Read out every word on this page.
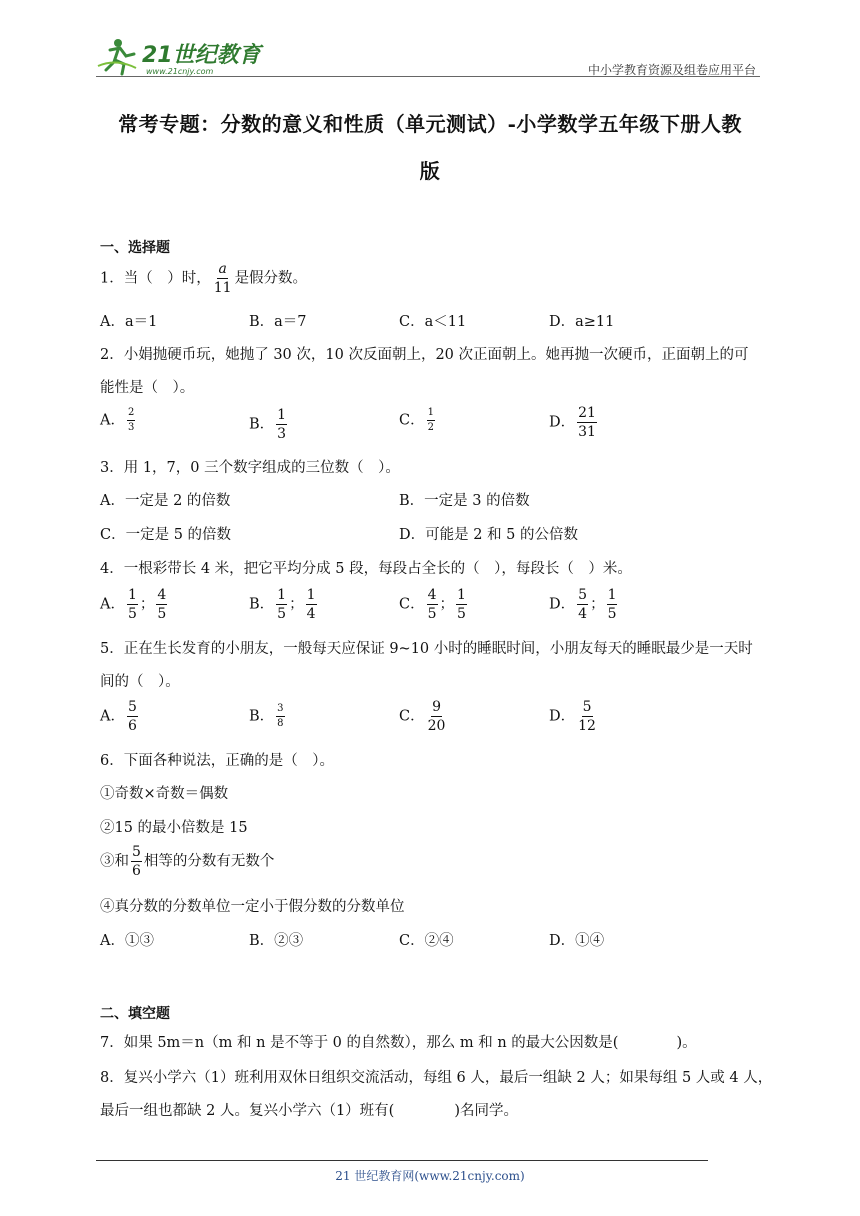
21世纪教育
www.21cnjy.com	中小学教育资源及组卷应用平台
常考专题：分数的意义和性质（单元测试）-小学数学五年级下册人教
版
一、选择题
1．当（　）时， $\frac{a}{11}$ 是假分数。
A．a＝1	B．a＝7	C．a＜11	D．a≥11
2．小娟抛硬币玩，她抛了 30 次，10 次反面朝上，20 次正面朝上。她再抛一次硬币，正面朝上的可
能性是（　）。
A． $\frac{2}{3}$	B． $\frac{1}{3}$	C． $\frac{1}{2}$	D． $\frac{21}{31}$
3．用 1，7，0 三个数字组成的三位数（　）。
A．一定是 2 的倍数	B．一定是 3 的倍数
C．一定是 5 的倍数	D．可能是 2 和 5 的公倍数
4．一根彩带长 4 米，把它平均分成 5 段，每段占全长的（　），每段长（　）米。
A． $\frac{1}{5}$ ； $\frac{4}{5}$	B． $\frac{1}{5}$ ； $\frac{1}{4}$	C． $\frac{4}{5}$ ； $\frac{1}{5}$	D． $\frac{5}{4}$ ； $\frac{1}{5}$
5．正在生长发育的小朋友，一般每天应保证 9~10 小时的睡眠时间，小朋友每天的睡眠最少是一天时
间的（　）。
A． $\frac{5}{6}$	B． $\frac{3}{8}$	C． $\frac{9}{20}$	D． $\frac{5}{12}$
6．下面各种说法，正确的是（　）。
①奇数×奇数＝偶数
②15 的最小倍数是 15
③和 $\frac{5}{6}$ 相等的分数有无数个
④真分数的分数单位一定小于假分数的分数单位
A．①③	B．②③	C．②④	D．①④
二、填空题
7．如果 5m＝n（m 和 n 是不等于 0 的自然数），那么 m 和 n 的最大公因数是(	)。
8．复兴小学六（1）班利用双休日组织交流活动，每组 6 人，最后一组缺 2 人；如果每组 5 人或 4 人，
最后一组也都缺 2 人。复兴小学六（1）班有(	)名同学。
21 世纪教育网(www.21cnjy.com)
